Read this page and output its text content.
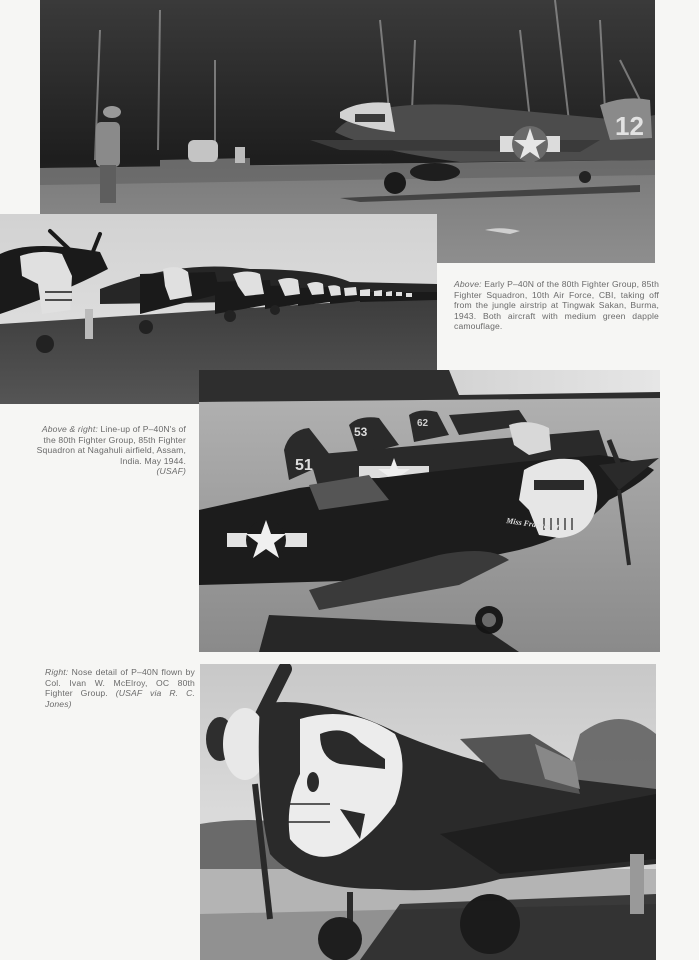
12
Above: Early P–40N of the 80th Fighter Group, 85th Fighter Squadron, 10th Air Force, CBI, taking off from the jungle airstrip at Tingwak Sakan, Burma, 1943. Both aircraft with medium green dapple camouflage.
51
53
62
Miss Frances II
Above & right: Line-up of P–40N's of the 80th Fighter Group, 85th Fighter Squadron at Nagahuli airfield, Assam, India. May 1944.
(USAF)
Right: Nose detail of P–40N flown by Col. Ivan W. McElroy, OC 80th Fighter Group. (USAF via R. C. Jones)
